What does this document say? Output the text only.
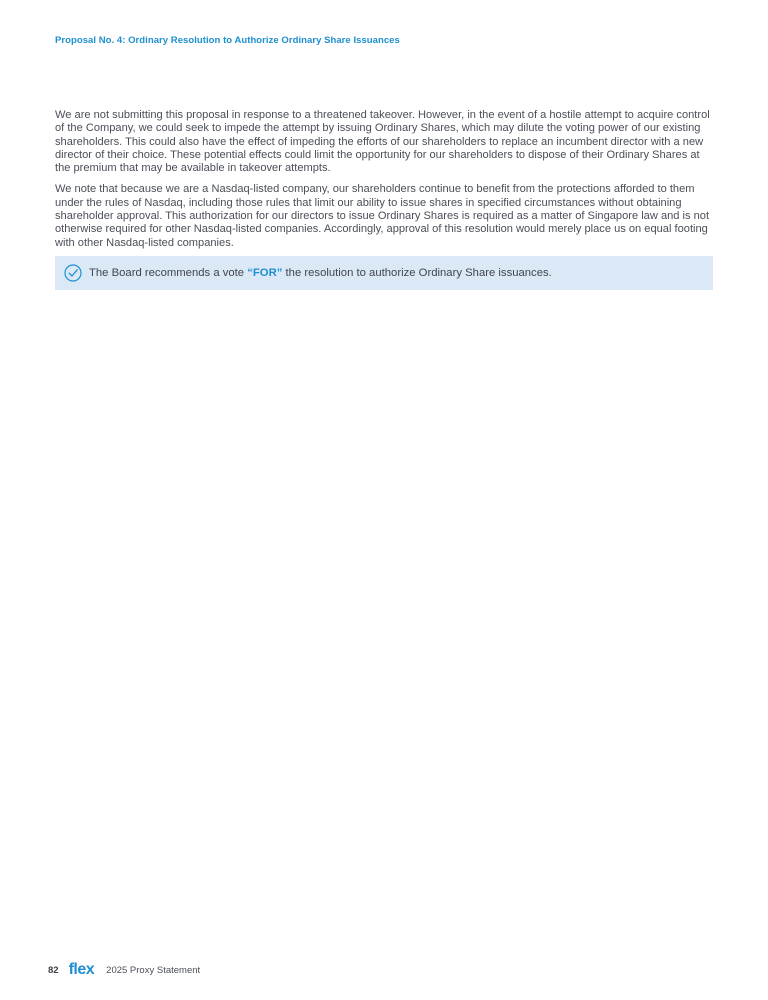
Proposal No. 4: Ordinary Resolution to Authorize Ordinary Share Issuances

We are not submitting this proposal in response to a threatened takeover. However, in the event of a hostile attempt to acquire control of the Company, we could seek to impede the attempt by issuing Ordinary Shares, which may dilute the voting power of our existing shareholders. This could also have the effect of impeding the efforts of our shareholders to replace an incumbent director with a new director of their choice. These potential effects could limit the opportunity for our shareholders to dispose of their Ordinary Shares at the premium that may be available in takeover attempts.

We note that because we are a Nasdaq-listed company, our shareholders continue to benefit from the protections afforded to them under the rules of Nasdaq, including those rules that limit our ability to issue shares in specified circumstances without obtaining shareholder approval. This authorization for our directors to issue Ordinary Shares is required as a matter of Singapore law and is not otherwise required for other Nasdaq-listed companies. Accordingly, approval of this resolution would merely place us on equal footing with other Nasdaq-listed companies.

The Board recommends a vote “FOR” the resolution to authorize Ordinary Share issuances.
82 flex 2025 Proxy Statement
